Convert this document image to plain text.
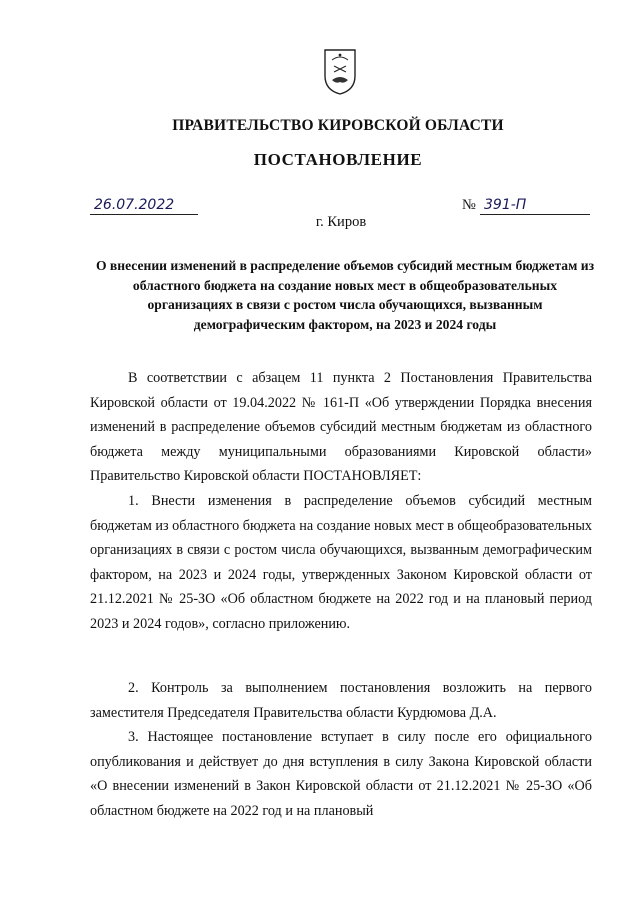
ПРАВИТЕЛЬСТВО КИРОВСКОЙ ОБЛАСТИ
ПОСТАНОВЛЕНИЕ
26.07.2022	№ 391-П
г. Киров
О внесении изменений в распределение объемов субсидий местным бюджетам из областного бюджета на создание новых мест в общеобразовательных организациях в связи с ростом числа обучающихся, вызванным демографическим фактором, на 2023 и 2024 годы
В соответствии с абзацем 11 пункта 2 Постановления Правительства Кировской области от 19.04.2022 № 161-П «Об утверждении Порядка внесения изменений в распределение объемов субсидий местным бюджетам из областного бюджета между муниципальными образованиями Кировской области» Правительство Кировской области ПОСТАНОВЛЯЕТ:
1. Внести изменения в распределение объемов субсидий местным бюджетам из областного бюджета на создание новых мест в общеобразовательных организациях в связи с ростом числа обучающихся, вызванным демографическим фактором, на 2023 и 2024 годы, утвержденных Законом Кировской области от 21.12.2021 № 25-ЗО «Об областном бюджете на 2022 год и на плановый период 2023 и 2024 годов», согласно приложению.
2. Контроль за выполнением постановления возложить на первого заместителя Председателя Правительства области Курдюмова Д.А.
3. Настоящее постановление вступает в силу после его официального опубликования и действует до дня вступления в силу Закона Кировской области «О внесении изменений в Закон Кировской области от 21.12.2021 № 25-ЗО «Об областном бюджете на 2022 год и на плановый
